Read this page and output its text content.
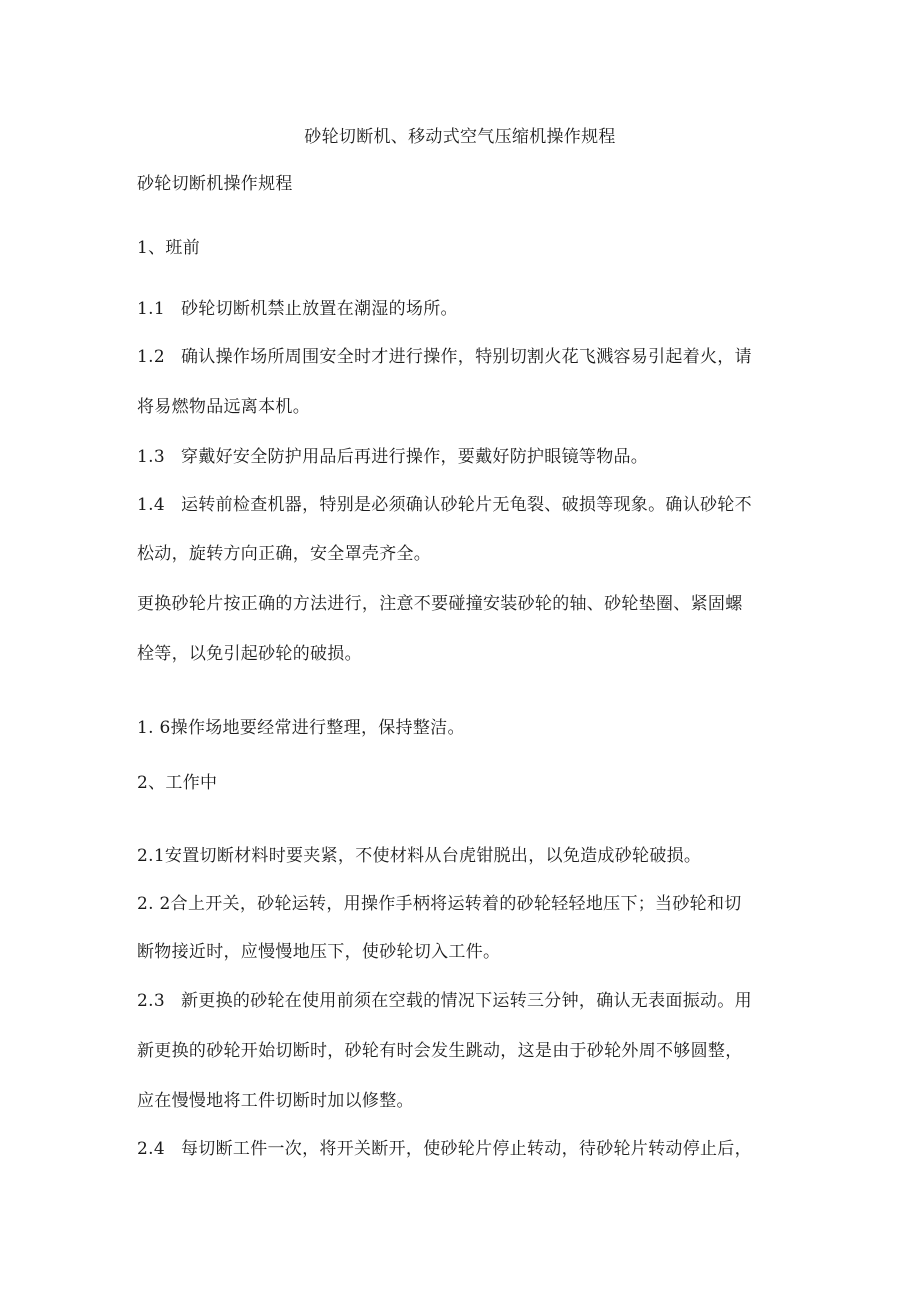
砂轮切断机、移动式空气压缩机操作规程
砂轮切断机操作规程
1、班前
1.1 砂轮切断机禁止放置在潮湿的场所。
1.2 确认操作场所周围安全时才进行操作，特别切割火花飞溅容易引起着火，请
将易燃物品远离本机。
1.3 穿戴好安全防护用品后再进行操作，要戴好防护眼镜等物品。
1.4 运转前检查机器，特别是必须确认砂轮片无龟裂、破损等现象。确认砂轮不
松动，旋转方向正确，安全罩壳齐全。
更换砂轮片按正确的方法进行，注意不要碰撞安装砂轮的轴、砂轮垫圈、紧固螺
栓等，以免引起砂轮的破损。
1. 6操作场地要经常进行整理，保持整洁。
2、工作中
2.1安置切断材料时要夹紧，不使材料从台虎钳脱出，以免造成砂轮破损。
2. 2合上开关，砂轮运转，用操作手柄将运转着的砂轮轻轻地压下；当砂轮和切
断物接近时，应慢慢地压下，使砂轮切入工件。
2.3 新更换的砂轮在使用前须在空载的情况下运转三分钟，确认无表面振动。用
新更换的砂轮开始切断时，砂轮有时会发生跳动，这是由于砂轮外周不够圆整，
应在慢慢地将工件切断时加以修整。
2.4 每切断工件一次，将开关断开，使砂轮片停止转动，待砂轮片转动停止后，
